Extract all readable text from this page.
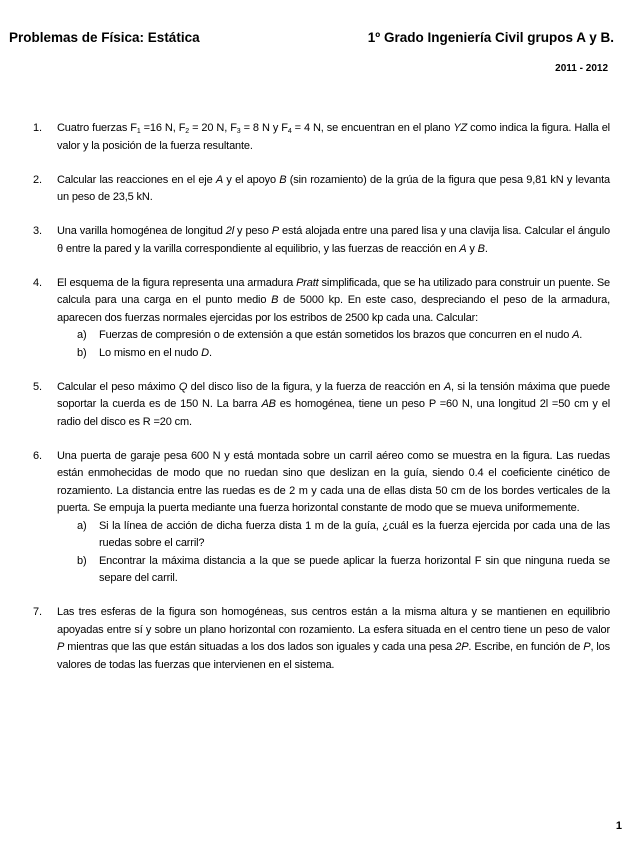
Problemas de Física: Estática	1º Grado Ingeniería Civil grupos A y B.
2011 - 2012
1.	Cuatro fuerzas $F_1 =16$ N, $F_2 = 20$ N, $F_3 = 8$ N y $F_4 = 4$ N, se encuentran en el plano YZ como indica la figura. Halla el valor y la posición de la fuerza resultante.
2.	Calcular las reacciones en el eje A y el apoyo B (sin rozamiento) de la grúa de la figura que pesa 9,81 kN y levanta un peso de 23,5 kN.
3.	Una varilla homogénea de longitud 2l y peso P está alojada entre una pared lisa y una clavija lisa. Calcular el ángulo θ entre la pared y la varilla correspondiente al equilibrio, y las fuerzas de reacción en A y B.
4.	El esquema de la figura representa una armadura Pratt simplificada, que se ha utilizado para construir un puente. Se calcula para una carga en el punto medio B de 5000 kp. En este caso, despreciando el peso de la armadura, aparecen dos fuerzas normales ejercidas por los estribos de 2500 kp cada una. Calcular:
a) Fuerzas de compresión o de extensión a que están sometidos los brazos que concurren en el nudo A.
b) Lo mismo en el nudo D.
5.	Calcular el peso máximo Q del disco liso de la figura, y la fuerza de reacción en A, si la tensión máxima que puede soportar la cuerda es de 150 N. La barra AB es homogénea, tiene un peso P =60 N, una longitud 2l =50 cm y el radio del disco es R =20 cm.
6.	Una puerta de garaje pesa 600 N y está montada sobre un carril aéreo como se muestra en la figura. Las ruedas están enmohecidas de modo que no ruedan sino que deslizan en la guía, siendo 0.4 el coeficiente cinético de rozamiento. La distancia entre las ruedas es de 2 m y cada una de ellas dista 50 cm de los bordes verticales de la puerta. Se empuja la puerta mediante una fuerza horizontal constante de modo que se mueva uniformemente.
a) Si la línea de acción de dicha fuerza dista 1 m de la guía, ¿cuál es la fuerza ejercida por cada una de las ruedas sobre el carril?
b) Encontrar la máxima distancia a la que se puede aplicar la fuerza horizontal F sin que ninguna rueda se separe del carril.
7.	Las tres esferas de la figura son homogéneas, sus centros están a la misma altura y se mantienen en equilibrio apoyadas entre sí y sobre un plano horizontal con rozamiento. La esfera situada en el centro tiene un peso de valor P mientras que las que están situadas a los dos lados son iguales y cada una pesa 2P. Escribe, en función de P, los valores de todas las fuerzas que intervienen en el sistema.
1
